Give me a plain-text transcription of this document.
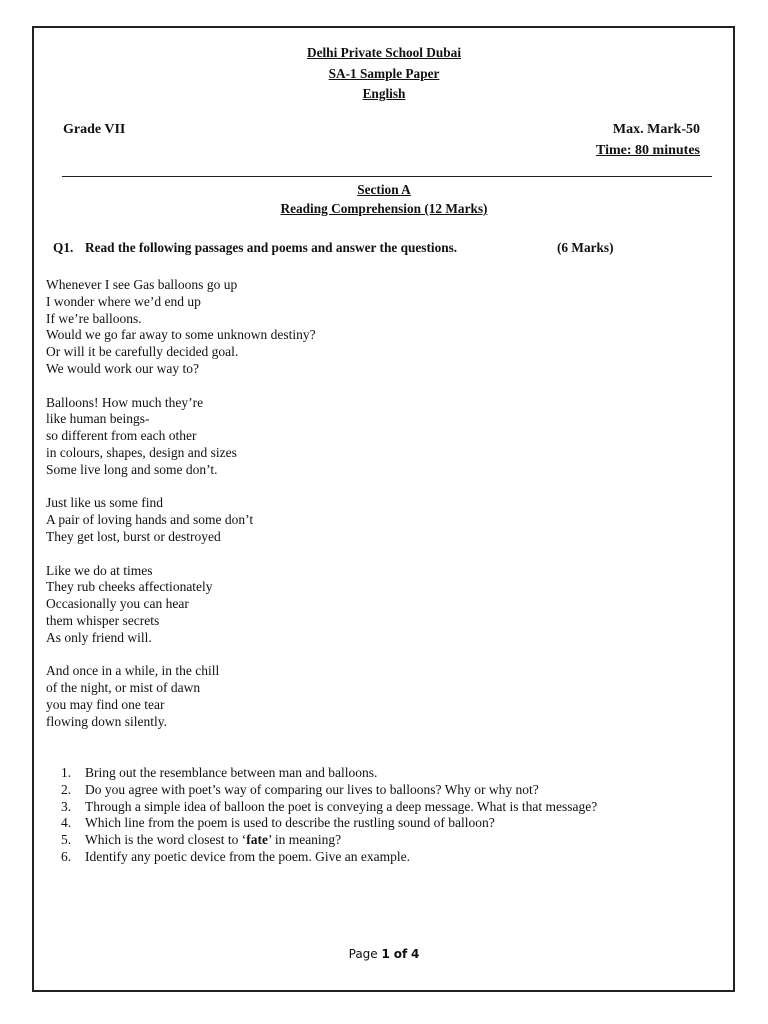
Delhi Private School Dubai
SA-1 Sample Paper
English
Grade VII	Max. Mark-50
Time: 80 minutes
Section A
Reading Comprehension (12 Marks)
Q1. Read the following passages and poems and answer the questions.	(6 Marks)
Whenever I see Gas balloons go up
I wonder where we’d end up
If we’re balloons.
Would we go far away to some unknown destiny?
Or will it be carefully decided goal.
We would work our way to?
Balloons! How much they’re
like human beings-
so different from each other
in colours, shapes, design and sizes
Some live long and some don’t.
Just like us some find
A pair of loving hands and some don’t
They get lost, burst or destroyed
Like we do at times
They rub cheeks affectionately
Occasionally you can hear
them whisper secrets
As only friend will.
And once in a while, in the chill
of the night, or mist of dawn
you may find one tear
flowing down silently.
1. Bring out the resemblance between man and balloons.
2. Do you agree with poet’s way of comparing our lives to balloons? Why or why not?
3. Through a simple idea of balloon the poet is conveying a deep message. What is that message?
4. Which line from the poem is used to describe the rustling sound of balloon?
5. Which is the word closest to ‘fate’ in meaning?
6. Identify any poetic device from the poem. Give an example.
Page 1 of 4
